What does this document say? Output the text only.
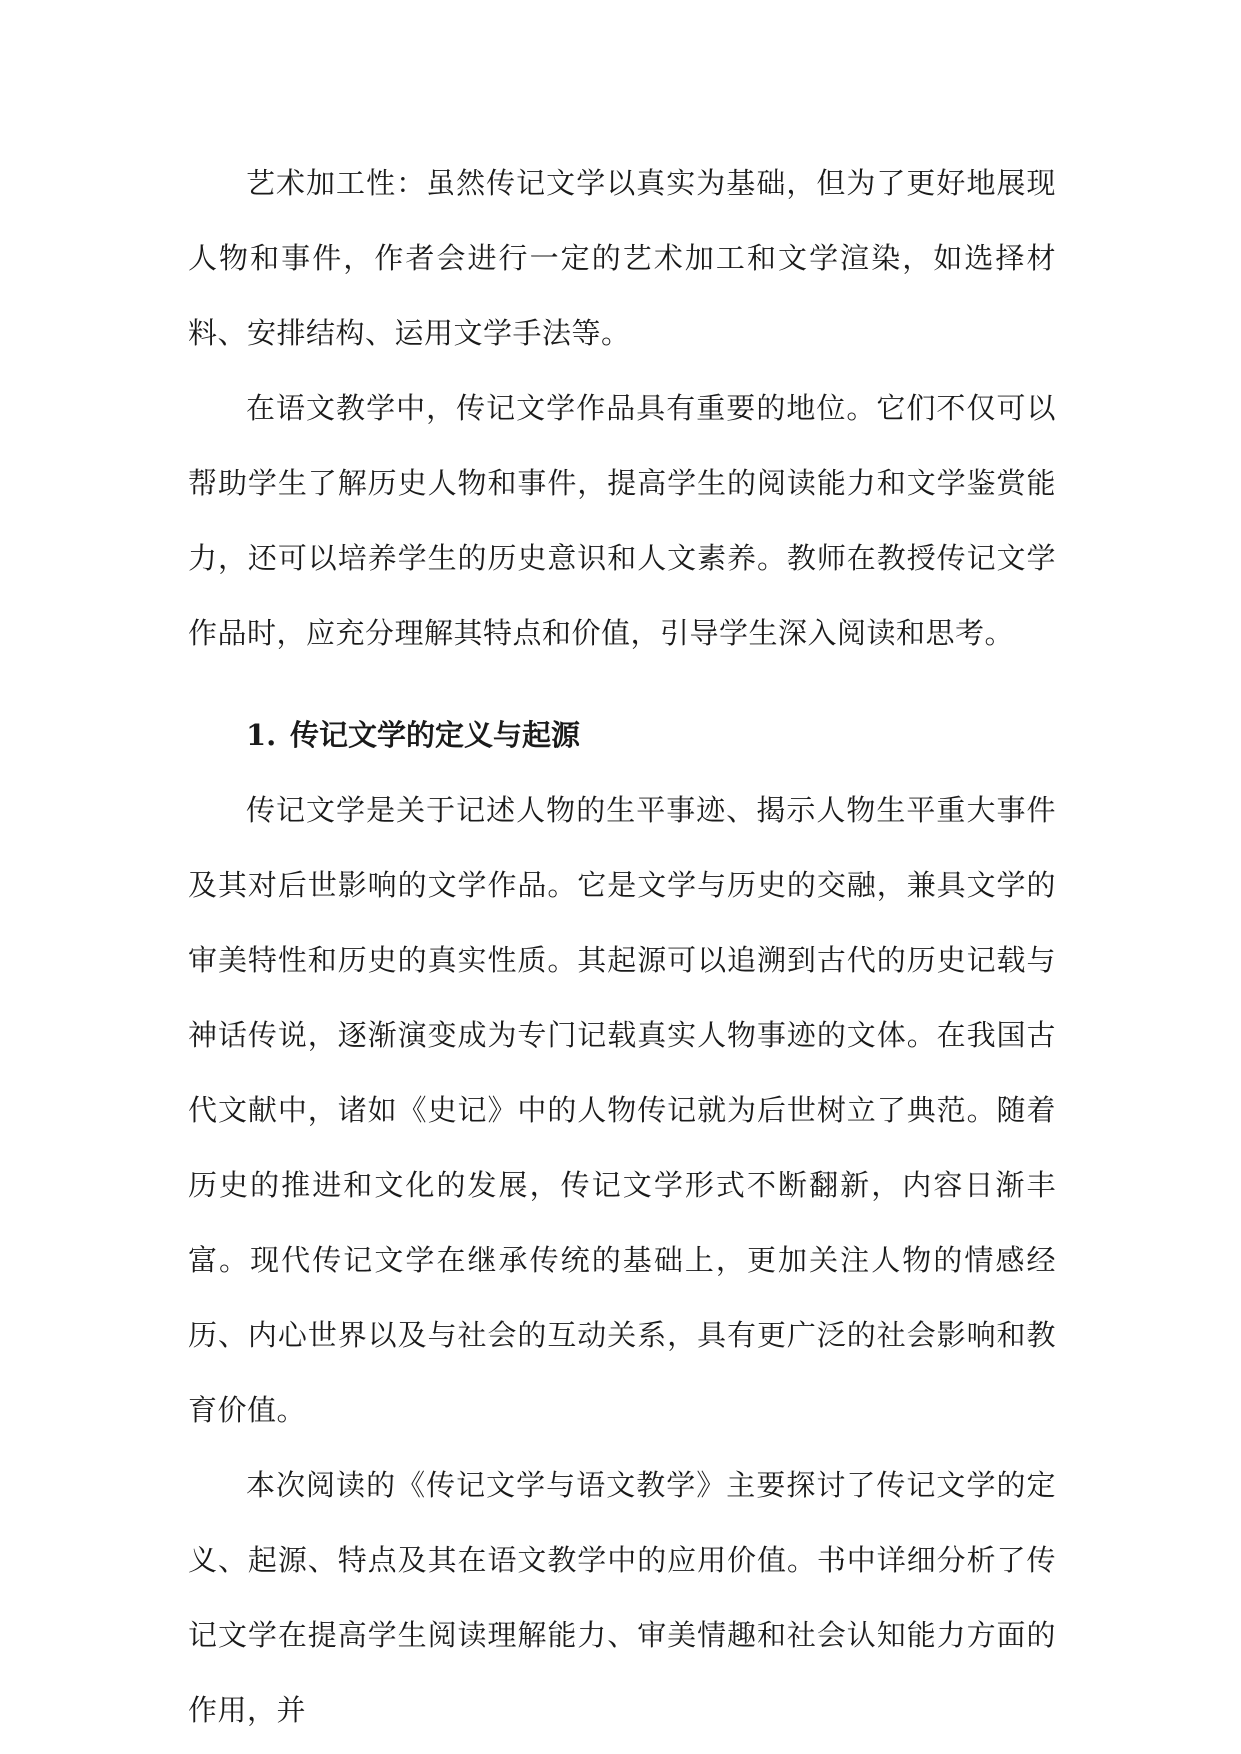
艺术加工性：虽然传记文学以真实为基础，但为了更好地展现人物和事件，作者会进行一定的艺术加工和文学渲染，如选择材料、安排结构、运用文学手法等。

在语文教学中，传记文学作品具有重要的地位。它们不仅可以帮助学生了解历史人物和事件，提高学生的阅读能力和文学鉴赏能力，还可以培养学生的历史意识和人文素养。教师在教授传记文学作品时，应充分理解其特点和价值，引导学生深入阅读和思考。

1. 传记文学的定义与起源

传记文学是关于记述人物的生平事迹、揭示人物生平重大事件及其对后世影响的文学作品。它是文学与历史的交融，兼具文学的审美特性和历史的真实性质。其起源可以追溯到古代的历史记载与神话传说，逐渐演变成为专门记载真实人物事迹的文体。在我国古代文献中，诸如《史记》中的人物传记就为后世树立了典范。随着历史的推进和文化的发展，传记文学形式不断翻新，内容日渐丰富。现代传记文学在继承传统的基础上，更加关注人物的情感经历、内心世界以及与社会的互动关系，具有更广泛的社会影响和教育价值。

本次阅读的《传记文学与语文教学》主要探讨了传记文学的定义、起源、特点及其在语文教学中的应用价值。书中详细分析了传记文学在提高学生阅读理解能力、审美情趣和社会认知能力方面的作用，并
